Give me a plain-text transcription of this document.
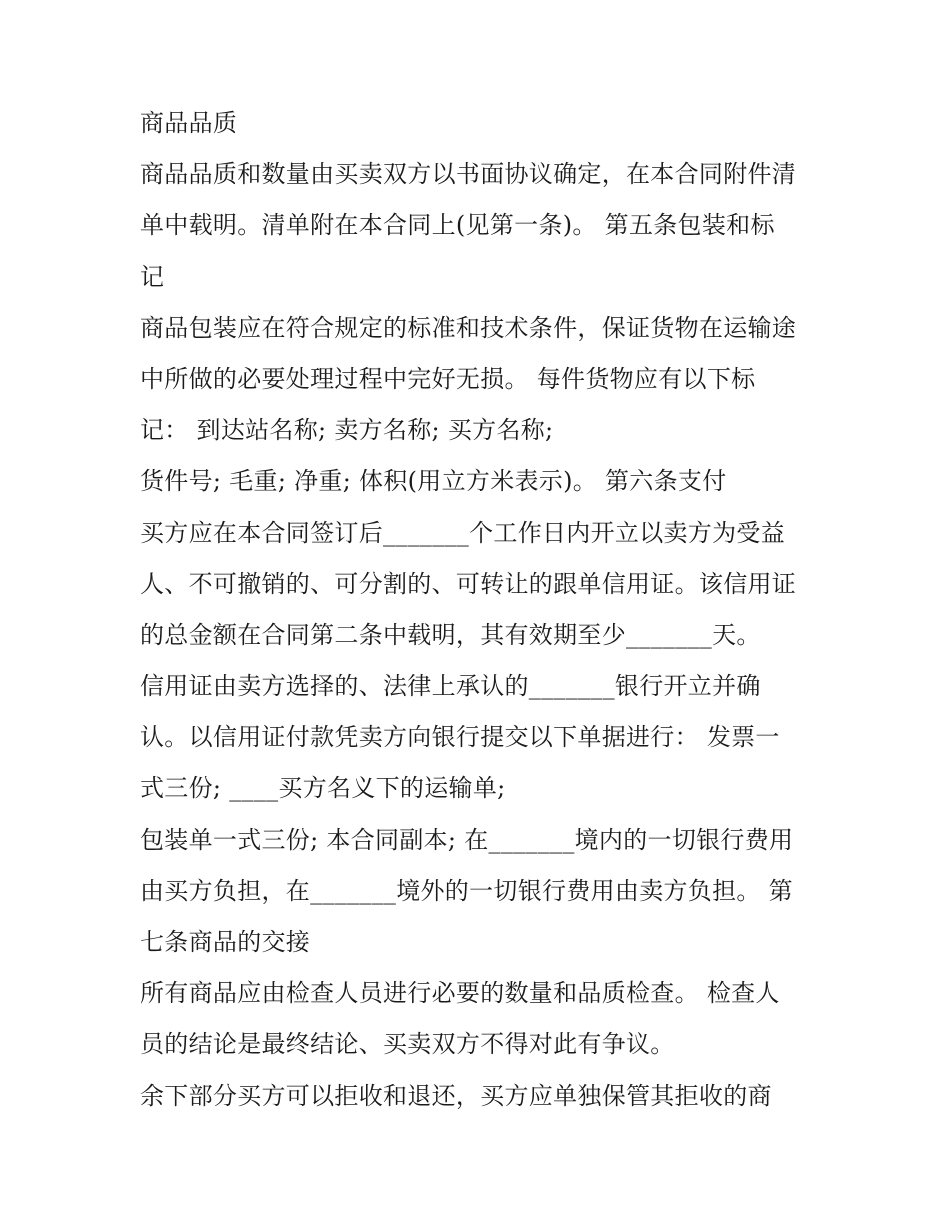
商品品质
商品品质和数量由买卖双方以书面协议确定，在本合同附件清
单中载明。清单附在本合同上(见第一条)。 第五条包装和标
记
商品包装应在符合规定的标准和技术条件，保证货物在运输途
中所做的必要处理过程中完好无损。 每件货物应有以下标
记： 到达站名称; 卖方名称; 买方名称;
货件号; 毛重; 净重; 体积(用立方米表示)。 第六条支付
买方应在本合同签订后_______个工作日内开立以卖方为受益
人、不可撤销的、可分割的、可转让的跟单信用证。该信用证
的总金额在合同第二条中载明，其有效期至少_______天。
信用证由卖方选择的、法律上承认的_______银行开立并确
认。以信用证付款凭卖方向银行提交以下单据进行： 发票一
式三份; ____买方名义下的运输单;
包装单一式三份; 本合同副本; 在_______境内的一切银行费用
由买方负担，在_______境外的一切银行费用由卖方负担。 第
七条商品的交接
所有商品应由检查人员进行必要的数量和品质检查。 检查人
员的结论是最终结论、买卖双方不得对此有争议。
余下部分买方可以拒收和退还，买方应单独保管其拒收的商
